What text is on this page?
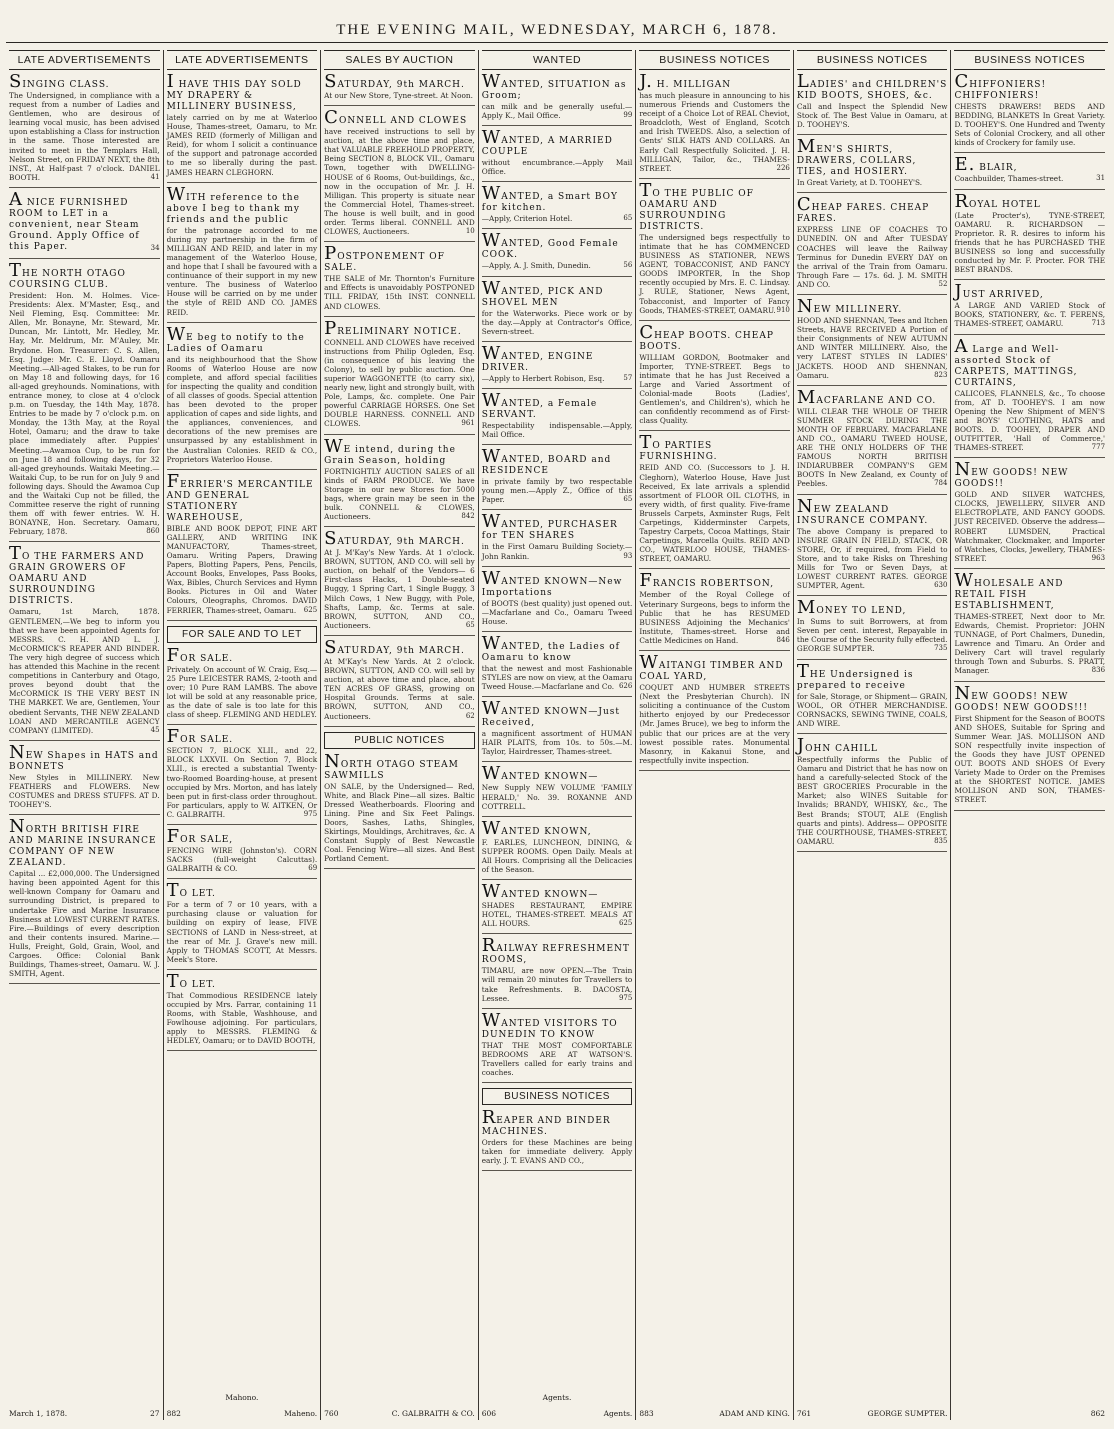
THE EVENING MAIL, WEDNESDAY, MARCH 6, 1878.
LATE ADVERTISEMENTS
SINGING CLASS.
The Undersigned, in compliance with a request from a number of Ladies and Gentlemen, who are desirous of learning vocal music, has been advised upon establishing a Class for instruction in the same. Those interested are invited to meet in the Templars Hall, Nelson Street, on FRIDAY NEXT, the 8th INST., At Half-past 7 o'clock. DANIEL BOOTH.	41
A NICE FURNISHED ROOM to LET in a convenient, near Steam Ground. Apply Office of this Paper.	34
THE NORTH OTAGO COURSING CLUB.
President: Hon. M. Holmes. Vice-Presidents: Alex. M'Master, Esq., and Neil Fleming, Esq. Committee: Mr. Allen, Mr. Bonayne, Mr. Steward, Mr. Duncan, Mr. Lintott, Mr. Hedley, Mr. Hay, Mr. Meldrum, Mr. M'Auley, Mr. Brydone. Hon. Treasurer: C. S. Allen, Esq. Judge: Mr. C. E. Lloyd. Oamaru Meeting.—All-aged Stakes, to be run for on May 18 and following days, for 16 all-aged greyhounds. Nominations, with entrance money, to close at 4 o'clock p.m. on Tuesday, the 14th May, 1878. Entries to be made by 7 o'clock p.m. on Monday, the 13th May, at the Royal Hotel, Oamaru; and the draw to take place immediately after. Puppies' Meeting.—Awamoa Cup, to be run for on June 18 and following days, for 32 all-aged greyhounds. Waitaki Meeting.—Waitaki Cup, to be run for on July 9 and following days. Should the Awamoa Cup and the Waitaki Cup not be filled, the Committee reserve the right of running them off with fewer entries. W. H. BONAYNE, Hon. Secretary. Oamaru, February, 1878.	860
TO THE FARMERS AND GRAIN GROWERS OF OAMARU AND SURROUNDING DISTRICTS.
Oamaru, 1st March, 1878. GENTLEMEN,—We beg to inform you that we have been appointed Agents for MESSRS. C. H. AND L. J. McCORMICK'S REAPER AND BINDER. The very high degree of success which has attended this Machine in the recent competitions in Canterbury and Otago, proves beyond doubt that the McCORMICK IS THE VERY BEST IN THE MARKET. We are, Gentlemen, Your obedient Servants, THE NEW ZEALAND LOAN AND MERCANTILE AGENCY COMPANY (LIMITED).	45
NEW Shapes in HATS and BONNETS
New Styles in MILLINERY. New FEATHERS and FLOWERS. New COSTUMES and DRESS STUFFS. AT D. TOOHEY'S.
NORTH BRITISH FIRE AND MARINE INSURANCE COMPANY OF NEW ZEALAND.
Capital ... £2,000,000. The Undersigned having been appointed Agent for this well-known Company for Oamaru and surrounding District, is prepared to undertake Fire and Marine Insurance Business at LOWEST CURRENT RATES. Fire.—Buildings of every description and their contents insured. Marine.—Hulls, Freight, Gold, Grain, Wool, and Cargoes. Office: Colonial Bank Buildings, Thames-street, Oamaru. W. J. SMITH, Agent.
March 1, 1878.	27
LATE ADVERTISEMENTS
I HAVE THIS DAY SOLD MY DRAPERY & MILLINERY BUSINESS,
lately carried on by me at Waterloo House, Thames-street, Oamaru, to Mr. JAMES REID (formerly of Milligan and Reid), for whom I solicit a continuance of the support and patronage accorded to me so liberally during the past. JAMES HEARN CLEGHORN.
WITH reference to the above I beg to thank my friends and the public
for the patronage accorded to me during my partnership in the firm of MILLIGAN AND REID, and later in my management of the Waterloo House, and hope that I shall be favoured with a continuance of their support in my new venture. The business of Waterloo House will be carried on by me under the style of REID AND CO. JAMES REID.
WE beg to notify to the Ladies of Oamaru
and its neighbourhood that the Show Rooms of Waterloo House are now complete, and afford special facilities for inspecting the quality and condition of all classes of goods. Special attention has been devoted to the proper application of capes and side lights, and the appliances, conveniences, and decorations of the new premises are unsurpassed by any establishment in the Australian Colonies. REID & CO., Proprietors Waterloo House.
FERRIER'S MERCANTILE AND GENERAL STATIONERY WAREHOUSE,
BIBLE AND BOOK DEPOT, FINE ART GALLERY, AND WRITING INK MANUFACTORY, Thames-street, Oamaru. Writing Papers, Drawing Papers, Blotting Papers, Pens, Pencils, Account Books, Envelopes, Pass Books, Wax, Bibles, Church Services and Hymn Books. Pictures in Oil and Water Colours, Oleographs, Chromos. DAVID FERRIER, Thames-street, Oamaru.	625
FOR SALE AND TO LET
FOR SALE.
Privately. On account of W. Craig, Esq.— 25 Pure LEICESTER RAMS, 2-tooth and over; 10 Pure RAM LAMBS. The above lot will be sold at any reasonable price, as the date of sale is too late for this class of sheep. FLEMING AND HEDLEY.
FOR SALE.
SECTION 7, BLOCK XLII., and 22, BLOCK LXXVII. On Section 7, Block XLII., is erected a substantial Twenty-two-Roomed Boarding-house, at present occupied by Mrs. Morton, and has lately been put in first-class order throughout. For particulars, apply to W. AITKEN, Or C. GALBRAITH.	975
FOR SALE,
FENCING WIRE (Johnston's). CORN SACKS (full-weight Calcuttas). GALBRAITH & CO.	69
TO LET.
For a term of 7 or 10 years, with a purchasing clause or valuation for building on expiry of lease, FIVE SECTIONS of LAND in Ness-street, at the rear of Mr. J. Grave's new mill. Apply to THOMAS SCOTT, At Messrs. Meek's Store.
TO LET.
That Commodious RESIDENCE lately occupied by Mrs. Farrar, containing 11 Rooms, with Stable, Washhouse, and Fowlhouse adjoining. For particulars, apply to MESSRS. FLEMING & HEDLEY, Oamaru; or to DAVID BOOTH,
882	Maheno.
Mahono.
SALES BY AUCTION
SATURDAY, 9th MARCH.
At our New Store, Tyne-street. At Noon.
CONNELL AND CLOWES
have received instructions to sell by auction, at the above time and place, that VALUABLE FREEHOLD PROPERTY, Being SECTION 8, BLOCK VII., Oamaru Town, together with DWELLING-HOUSE of 6 Rooms, Out-buildings, &c., now in the occupation of Mr. J. H. Milligan. This property is situate near the Commercial Hotel, Thames-street. The house is well built, and in good order. Terms liberal. CONNELL AND CLOWES, Auctioneers.	10
POSTPONEMENT OF SALE.
THE SALE of Mr. Thornton's Furniture and Effects is unavoidably POSTPONED TILL FRIDAY, 15th INST. CONNELL AND CLOWES.
PRELIMINARY NOTICE.
CONNELL AND CLOWES have received instructions from Philip Ogleden, Esq. (in consequence of his leaving the Colony), to sell by public auction. One superior WAGGONETTE (to carry six), nearly new, light and strongly built, with Pole, Lamps, &c. complete. One Pair powerful CARRIAGE HORSES. One Set DOUBLE HARNESS. CONNELL AND CLOWES.	961
WE intend, during the Grain Season, holding
FORTNIGHTLY AUCTION SALES of all kinds of FARM PRODUCE. We have Storage in our new Stores for 5000 bags, where grain may be seen in the bulk. CONNELL & CLOWES, Auctioneers.	842
SATURDAY, 9th MARCH.
At J. M'Kay's New Yards. At 1 o'clock. BROWN, SUTTON, AND CO. will sell by auction, on behalf of the Vendors— 6 First-class Hacks, 1 Double-seated Buggy, 1 Spring Cart, 1 Single Buggy, 3 Milch Cows, 1 New Buggy, with Pole, Shafts, Lamp, &c. Terms at sale. BROWN, SUTTON, AND CO., Auctioneers.	65
SATURDAY, 9th MARCH.
At M'Kay's New Yards. At 2 o'clock. BROWN, SUTTON, AND CO. will sell by auction, at above time and place, about TEN ACRES OF GRASS, growing on Hospital Grounds. Terms at sale. BROWN, SUTTON, AND CO., Auctioneers.	62
PUBLIC NOTICES
NORTH OTAGO STEAM SAWMILLS
ON SALE, by the Undersigned— Red, White, and Black Pine—all sizes. Baltic Dressed Weatherboards. Flooring and Lining. Pine and Six Feet Palings. Doors, Sashes, Laths, Shingles, Skirtings, Mouldings, Architraves, &c. A Constant Supply of Best Newcastle Coal. Fencing Wire—all sizes. And Best Portland Cement.
760	C. GALBRAITH & CO.
WANTED
WANTED, SITUATION as Groom;
can milk and be generally useful.—Apply K., Mail Office.	99
WANTED, A MARRIED COUPLE
without encumbrance.—Apply Mail Office.
WANTED, a Smart BOY for kitchen.
—Apply, Criterion Hotel.	65
WANTED, Good Female COOK.
—Apply, A. J. Smith, Dunedin.	56
WANTED, PICK AND SHOVEL MEN
for the Waterworks. Piece work or by the day.—Apply at Contractor's Office, Severn-street.
WANTED, ENGINE DRIVER.
—Apply to Herbert Robison, Esq.	57
WANTED, a Female SERVANT.
Respectability indispensable.—Apply, Mail Office.
WANTED, BOARD and RESIDENCE
in private family by two respectable young men.—Apply Z., Office of this Paper.	65
WANTED, PURCHASER for TEN SHARES
in the First Oamaru Building Society.—John Rankin.	93
WANTED KNOWN—New Importations
of BOOTS (best quality) just opened out.—Macfarlane and Co., Oamaru Tweed House.
WANTED, the Ladies of Oamaru to know
that the newest and most Fashionable STYLES are now on view, at the Oamaru Tweed House.—Macfarlane and Co. 626
WANTED KNOWN—Just Received,
a magnificent assortment of HUMAN HAIR PLAITS, from 10s. to 50s.—M. Taylor, Hairdresser, Thames-street.
WANTED KNOWN—
New Supply NEW VOLUME 'FAMILY HERALD,' No. 39. ROXANNE AND COTTRELL.
WANTED KNOWN,
F. EARLES, LUNCHEON, DINING, & SUPPER ROOMS. Open Daily. Meals at All Hours. Comprising all the Delicacies of the Season.
WANTED KNOWN—
SHADES RESTAURANT, EMPIRE HOTEL, THAMES-STREET. MEALS AT ALL HOURS.	625
RAILWAY REFRESHMENT ROOMS,
TIMARU, are now OPEN.—The Train will remain 20 minutes for Travellers to take Refreshments. B. DACOSTA, Lessee.	975
WANTED VISITORS TO DUNEDIN TO KNOW
THAT THE MOST COMFORTABLE BEDROOMS ARE AT WATSON'S. Travellers called for early trains and coaches.
BUSINESS NOTICES
REAPER AND BINDER MACHINES.
Orders for these Machines are being taken for immediate delivery. Apply early. J. T. EVANS AND CO.,
606	Agents.
Agents.
BUSINESS NOTICES
J. H. MILLIGAN
has much pleasure in announcing to his numerous Friends and Customers the receipt of a Choice Lot of REAL Cheviot, Broadcloth, West of England, Scotch and Irish TWEEDS. Also, a selection of Gents' SILK HATS AND COLLARS. An Early Call Respectfully Solicited. J. H. MILLIGAN, Tailor, &c., THAMES-STREET.	226
TO THE PUBLIC OF OAMARU AND SURROUNDING DISTRICTS.
The undersigned begs respectfully to intimate that he has COMMENCED BUSINESS AS STATIONER, NEWS AGENT, TOBACCONIST, AND FANCY GOODS IMPORTER, In the Shop recently occupied by Mrs. E. C. Lindsay. J. RULE, Stationer, News Agent, Tobacconist, and Importer of Fancy Goods, THAMES-STREET, OAMARU. 910
CHEAP BOOTS. CHEAP BOOTS.
WILLIAM GORDON, Bootmaker and Importer, TYNE-STREET. Begs to intimate that he has Just Received a Large and Varied Assortment of Colonial-made Boots (Ladies', Gentlemen's, and Children's), which he can confidently recommend as of First-class Quality.
TO PARTIES FURNISHING.
REID AND CO. (Successors to J. H. Cleghorn), Waterloo House, Have Just Received, Ex late arrivals a splendid assortment of FLOOR OIL CLOTHS, in every width, of first quality. Five-frame Brussels Carpets, Axminster Rugs, Felt Carpetings, Kidderminster Carpets, Tapestry Carpets, Cocoa Mattings, Stair Carpetings, Marcella Quilts. REID AND CO., WATERLOO HOUSE, THAMES-STREET, OAMARU.
FRANCIS ROBERTSON,
Member of the Royal College of Veterinary Surgeons, begs to inform the Public that he has RESUMED BUSINESS Adjoining the Mechanics' Institute, Thames-street. Horse and Cattle Medicines on Hand.	846
WAITANGI TIMBER AND COAL YARD,
COQUET AND HUMBER STREETS (Next the Presbyterian Church). IN soliciting a continuance of the Custom hitherto enjoyed by our Predecessor (Mr. James Bruce), we beg to inform the public that our prices are at the very lowest possible rates. Monumental Masonry, in Kakanui Stone, and respectfully invite inspection.
883	ADAM AND KING.
BUSINESS NOTICES
LADIES' and CHILDREN'S KID BOOTS, SHOES, &c.
Call and Inspect the Splendid New Stock of. The Best Value in Oamaru, at D. TOOHEY'S.
MEN'S SHIRTS, DRAWERS, COLLARS, TIES, and HOSIERY.
In Great Variety, at D. TOOHEY'S.
CHEAP FARES. CHEAP FARES.
EXPRESS LINE OF COACHES TO DUNEDIN. ON and After TUESDAY COACHES will leave the Railway Terminus for Dunedin EVERY DAY on the arrival of the Train from Oamaru. Through Fare — 17s. 6d. J. M. SMITH AND CO.	52
NEW MILLINERY.
HOOD AND SHENNAN, Tees and Itchen Streets, HAVE RECEIVED A Portion of their Consignments of NEW AUTUMN AND WINTER MILLINERY. Also, the very LATEST STYLES IN LADIES' JACKETS. HOOD AND SHENNAN, Oamaru.	823
MACFARLANE AND CO.
WILL CLEAR THE WHOLE OF THEIR SUMMER STOCK DURING THE MONTH OF FEBRUARY. MACFARLANE AND CO., OAMARU TWEED HOUSE, ARE THE ONLY HOLDERS OF THE FAMOUS NORTH BRITISH INDIARUBBER COMPANY'S GEM BOOTS In New Zealand, ex County of Peebles.	784
NEW ZEALAND INSURANCE COMPANY.
The above Company is prepared to INSURE GRAIN IN FIELD, STACK, OR STORE, Or, if required, from Field to Store, and to take Risks on Threshing Mills for Two or Seven Days, at LOWEST CURRENT RATES. GEORGE SUMPTER, Agent.	630
MONEY TO LEND,
In Sums to suit Borrowers, at from Seven per cent. interest, Repayable in the Course of the Security fully effected. GEORGE SUMPTER.	735
THE Undersigned is prepared to receive
for Sale, Storage, or Shipment— GRAIN, WOOL, OR OTHER MERCHANDISE. CORNSACKS, SEWING TWINE, COALS, AND WIRE.
JOHN CAHILL
Respectfully informs the Public of Oamaru and District that he has now on hand a carefully-selected Stock of the BEST GROCERIES Procurable in the Market; also WINES Suitable for Invalids; BRANDY, WHISKY, &c., The Best Brands; STOUT, ALE (English quarts and pints). Address— OPPOSITE THE COURTHOUSE, THAMES-STREET, OAMARU.	835
761	GEORGE SUMPTER.
BUSINESS NOTICES
CHIFFONIERS! CHIFFONIERS!
CHESTS DRAWERS! BEDS AND BEDDING, BLANKETS In Great Variety. D. TOOHEY'S. One Hundred and Twenty Sets of Colonial Crockery, and all other kinds of Crockery for family use.
E. BLAIR,
Coachbuilder, Thames-street.	31
ROYAL HOTEL
(Late Procter's), TYNE-STREET, OAMARU. R. RICHARDSON — Proprietor. R. R. desires to inform his friends that he has PURCHASED THE BUSINESS so long and successfully conducted by Mr. F. Procter. FOR THE BEST BRANDS.
JUST ARRIVED,
A LARGE AND VARIED Stock of BOOKS, STATIONERY, &c. T. FERENS, THAMES-STREET, OAMARU.	713
A Large and Well-assorted Stock of CARPETS, MATTINGS, CURTAINS,
CALICOES, FLANNELS, &c., To choose from, AT D. TOOHEY'S. I am now Opening the New Shipment of MEN'S and BOYS' CLOTHING, HATS and BOOTS. D. TOOHEY, DRAPER AND OUTFITTER, 'Hall of Commerce,' THAMES-STREET.	777
NEW GOODS! NEW GOODS!!
GOLD AND SILVER WATCHES, CLOCKS, JEWELLERY, SILVER AND ELECTROPLATE, AND FANCY GOODS. JUST RECEIVED. Observe the address— ROBERT LUMSDEN, Practical Watchmaker, Clockmaker, and Importer of Watches, Clocks, Jewellery, THAMES-STREET.	963
WHOLESALE AND RETAIL FISH ESTABLISHMENT,
THAMES-STREET, Next door to Mr. Edwards, Chemist. Proprietor: JOHN TUNNAGE, of Port Chalmers, Dunedin, Lawrence and Timaru. An Order and Delivery Cart will travel regularly through Town and Suburbs. S. PRATT, Manager.	836
NEW GOODS! NEW GOODS! NEW GOODS!!!
First Shipment for the Season of BOOTS AND SHOES, Suitable for Spring and Summer Wear. JAS. MOLLISON AND SON respectfully invite inspection of the Goods they have JUST OPENED OUT. BOOTS AND SHOES Of Every Variety Made to Order on the Premises at the SHORTEST NOTICE. JAMES MOLLISON AND SON, THAMES-STREET.
862
